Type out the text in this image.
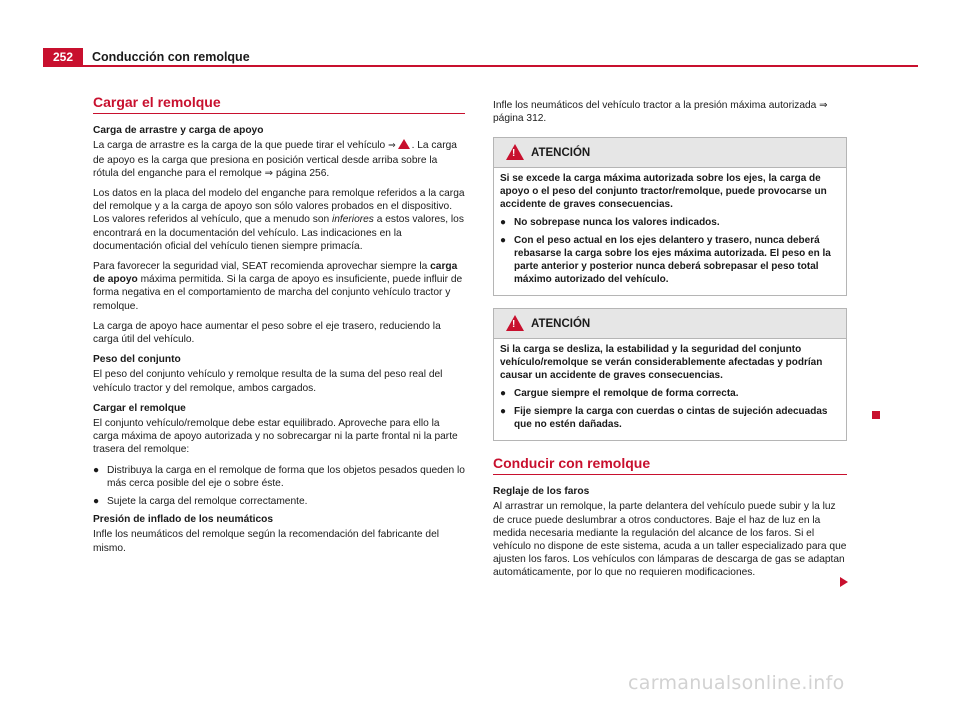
252	Conducción con remolque
Cargar el remolque
Carga de arrastre y carga de apoyo
La carga de arrastre es la carga de la que puede tirar el vehículo ⇒ . La carga de apoyo es la carga que presiona en posición vertical desde arriba sobre la rótula del enganche para el remolque ⇒ página 256.
Los datos en la placa del modelo del enganche para remolque referidos a la carga del remolque y a la carga de apoyo son sólo valores probados en el dispositivo. Los valores referidos al vehículo, que a menudo son inferiores a estos valores, los encontrará en la documentación del vehículo. Las indicaciones en la documentación oficial del vehículo tienen siempre primacía.
Para favorecer la seguridad vial, SEAT recomienda aprovechar siempre la carga de apoyo máxima permitida. Si la carga de apoyo es insuficiente, puede influir de forma negativa en el comportamiento de marcha del conjunto vehículo tractor y remolque.
La carga de apoyo hace aumentar el peso sobre el eje trasero, reduciendo la carga útil del vehículo.
Peso del conjunto
El peso del conjunto vehículo y remolque resulta de la suma del peso real del vehículo tractor y del remolque, ambos cargados.
Cargar el remolque
El conjunto vehículo/remolque debe estar equilibrado. Aproveche para ello la carga máxima de apoyo autorizada y no sobrecargar ni la parte frontal ni la parte trasera del remolque:
● Distribuya la carga en el remolque de forma que los objetos pesados queden lo más cerca posible del eje o sobre éste.
● Sujete la carga del remolque correctamente.
Presión de inflado de los neumáticos
Infle los neumáticos del remolque según la recomendación del fabricante del mismo.
Infle los neumáticos del vehículo tractor a la presión máxima autorizada ⇒ página 312.
! ATENCIÓN
Si se excede la carga máxima autorizada sobre los ejes, la carga de apoyo o el peso del conjunto tractor/remolque, puede provocarse un accidente de graves consecuencias.
● No sobrepase nunca los valores indicados.
● Con el peso actual en los ejes delantero y trasero, nunca deberá rebasarse la carga sobre los ejes máxima autorizada. El peso en la parte anterior y posterior nunca deberá sobrepasar el peso total máximo autorizado del vehículo.
! ATENCIÓN
Si la carga se desliza, la estabilidad y la seguridad del conjunto vehículo/remolque se verán considerablemente afectadas y podrían causar un accidente de graves consecuencias.
● Cargue siempre el remolque de forma correcta.
● Fije siempre la carga con cuerdas o cintas de sujeción adecuadas que no estén dañadas.
Conducir con remolque
Reglaje de los faros
Al arrastrar un remolque, la parte delantera del vehículo puede subir y la luz de cruce puede deslumbrar a otros conductores. Baje el haz de luz en la medida necesaria mediante la regulación del alcance de los faros. Si el vehículo no dispone de este sistema, acuda a un taller especializado para que ajusten los faros. Los vehículos con lámparas de descarga de gas se adaptan automáticamente, por lo que no requieren modificaciones.
carmanualsonline.info
